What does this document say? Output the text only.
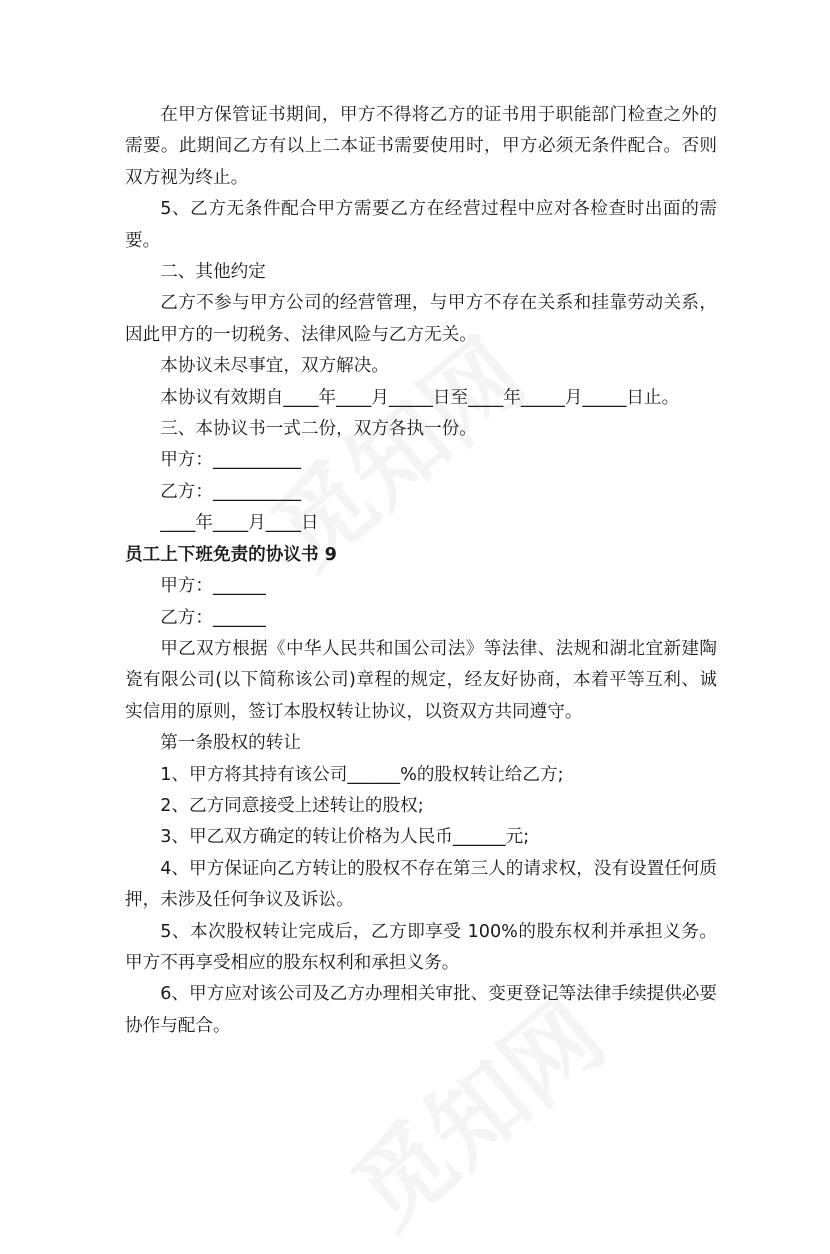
在甲方保管证书期间，甲方不得将乙方的证书用于职能部门检查之外的需要。此期间乙方有以上二本证书需要使用时，甲方必须无条件配合。否则双方视为终止。

5、乙方无条件配合甲方需要乙方在经营过程中应对各检查时出面的需要。

二、其他约定

乙方不参与甲方公司的经营管理，与甲方不存在关系和挂靠劳动关系，因此甲方的一切税务、法律风险与乙方无关。

本协议未尽事宜，双方解决。

本协议有效期自____年____月_____日至____年_____月_____日止。

三、本协议书一式二份，双方各执一份。

甲方：__________

乙方：__________

____年____月____日

员工上下班免责的协议书 9

甲方：______

乙方：______

甲乙双方根据《中华人民共和国公司法》等法律、法规和湖北宜新建陶瓷有限公司(以下简称该公司)章程的规定，经友好协商，本着平等互利、诚实信用的原则，签订本股权转让协议，以资双方共同遵守。

第一条股权的转让

1、甲方将其持有该公司______%的股权转让给乙方;

2、乙方同意接受上述转让的股权;

3、甲乙双方确定的转让价格为人民币______元;

4、甲方保证向乙方转让的股权不存在第三人的请求权，没有设置任何质押，未涉及任何争议及诉讼。

5、本次股权转让完成后，乙方即享受 100%的股东权利并承担义务。甲方不再享受相应的股东权利和承担义务。

6、甲方应对该公司及乙方办理相关审批、变更登记等法律手续提供必要协作与配合。
